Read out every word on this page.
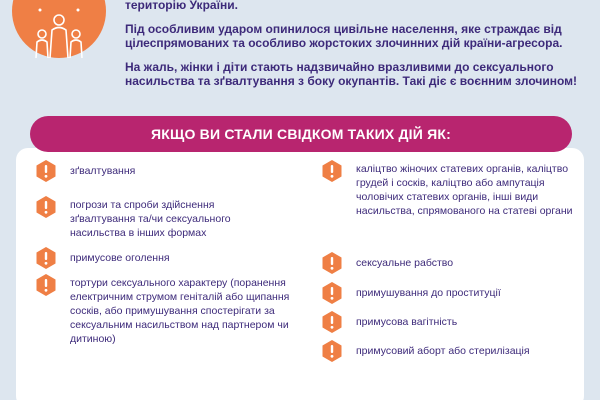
територію України.

Під особливим ударом опинилося цивільне населення, яке страждає від цілеспрямованих та особливо жорстоких злочинних дій країни-агресора.

На жаль, жінки і діти стають надзвичайно вразливими до сексуального насильства та зґвалтування з боку окупантів. Такі діє є воєнним злочином!

зґвалтування
погрози та спроби здійснення зґвалтування та/чи сексуального насильства в інших формах
примусове оголення
тортури сексуального характеру (поранення електричним струмом геніталій або щипання сосків, або примушування спостерігати за сексуальним насильством над партнером чи дитиною)
каліцтво жіночих статевих органів, каліцтво грудей і сосків, каліцтво або ампутація чоловічих статевих органів, інші види насильства, спрямованого на статеві органи
сексуальне рабство
примушування до проституції
примусова вагітність
примусовий аборт або стерилізація
ЯКЩО ВИ СТАЛИ СВІДКОМ ТАКИХ ДІЙ ЯК:
